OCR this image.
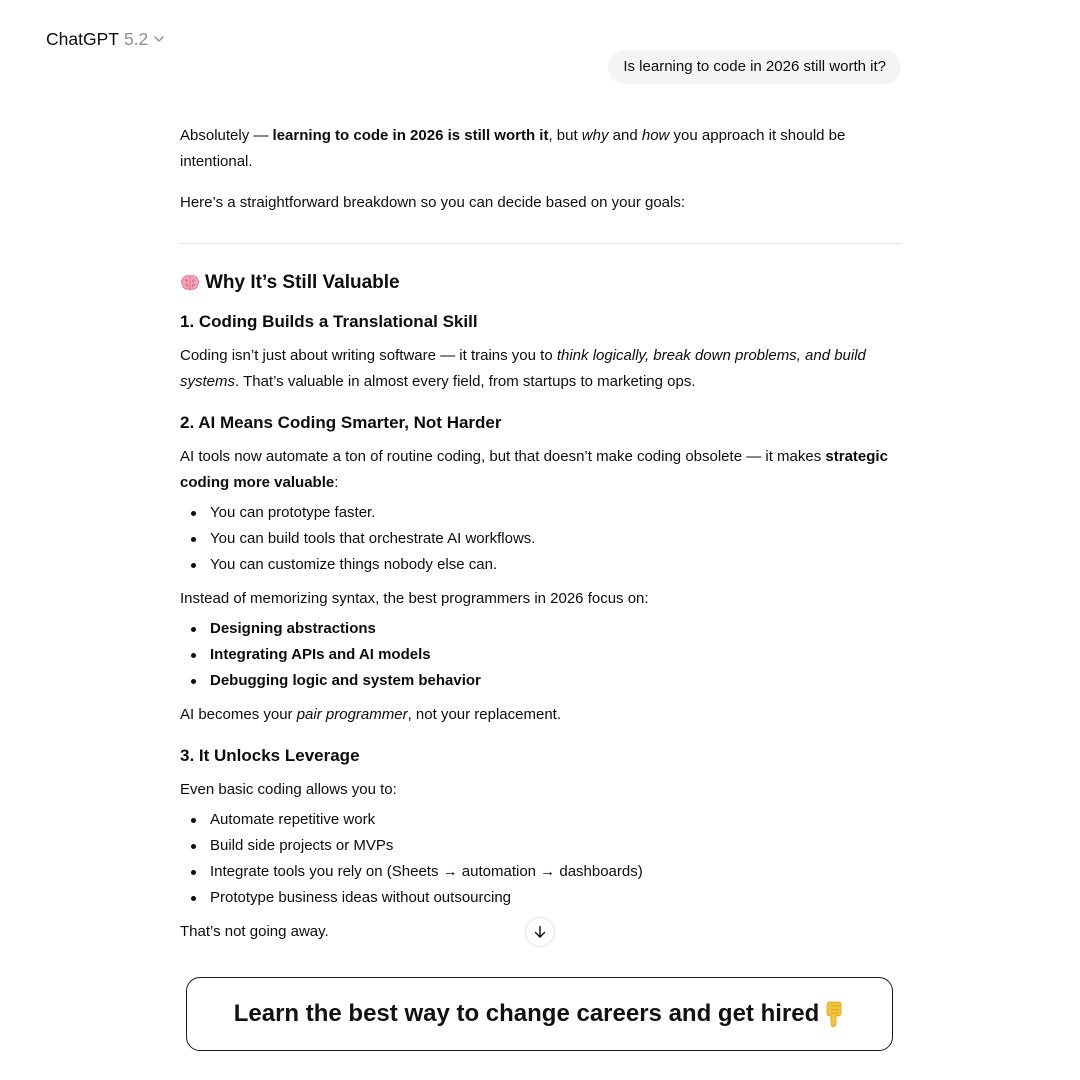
ChatGPT 5.2
Is learning to code in 2026 still worth it?

Absolutely — learning to code in 2026 is still worth it, but why and how you approach it should be intentional.

Here’s a straightforward breakdown so you can decide based on your goals:

Why It’s Still Valuable
1. Coding Builds a Translational Skill

Coding isn’t just about writing software — it trains you to think logically, break down problems, and build systems. That’s valuable in almost every field, from startups to marketing ops.

2. AI Means Coding Smarter, Not Harder

AI tools now automate a ton of routine coding, but that doesn’t make coding obsolete — it makes strategic coding more valuable:

You can prototype faster.
You can build tools that orchestrate AI workflows.
You can customize things nobody else can.

Instead of memorizing syntax, the best programmers in 2026 focus on:

Designing abstractions
Integrating APIs and AI models
Debugging logic and system behavior

AI becomes your pair programmer, not your replacement.

3. It Unlocks Leverage

Even basic coding allows you to:

Automate repetitive work
Build side projects or MVPs
Integrate tools you rely on (Sheets → automation → dashboards)
Prototype business ideas without outsourcing

That’s not going away.

Learn the best way to change careers and get hired
